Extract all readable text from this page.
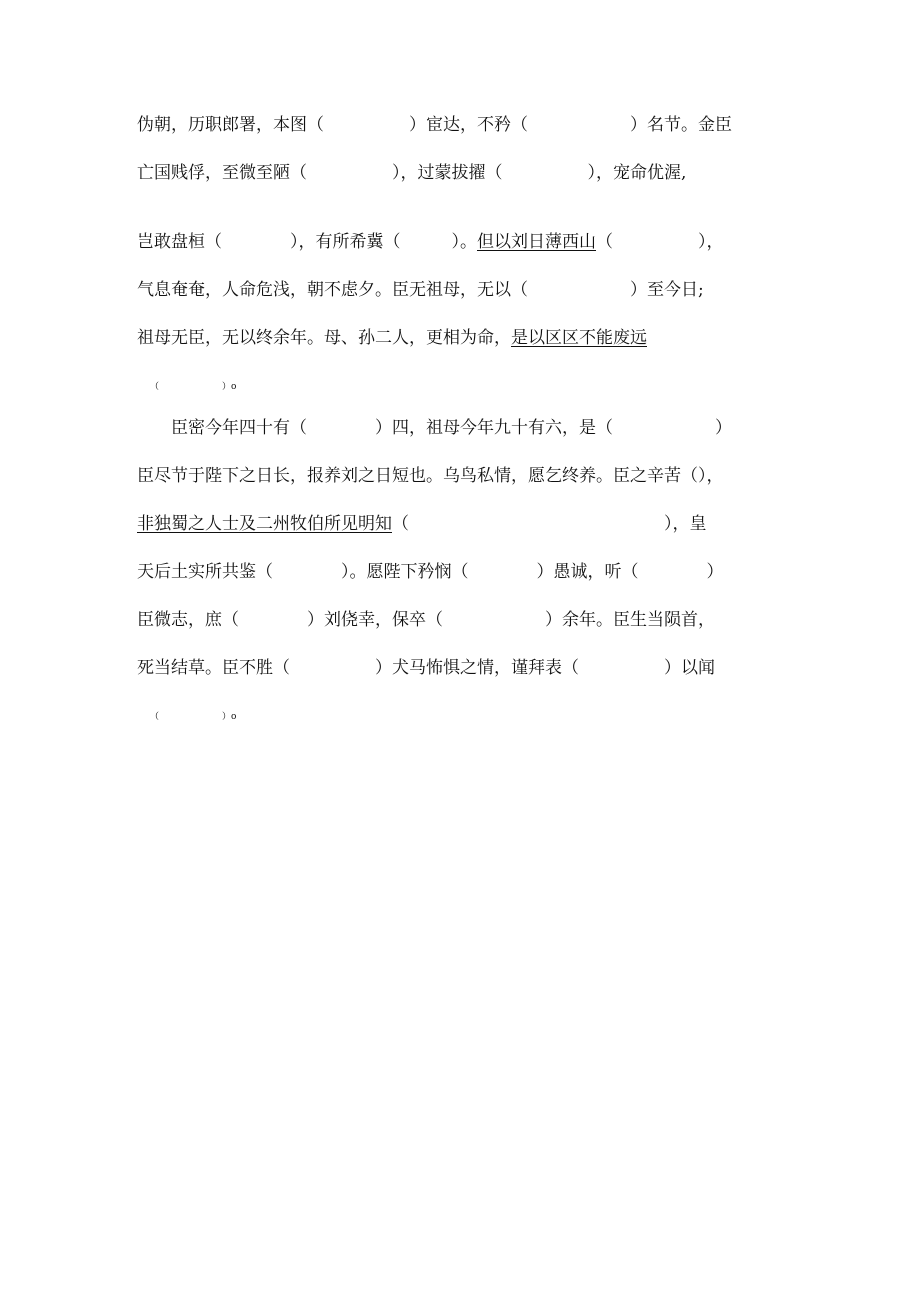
伪朝，历职郎署，本图（　　　　　）宦达，不矜（　　　　　　）名节。金臣
亡国贱俘，至微至陋（　　　　　），过蒙拔擢（　　　　　），宠命优渥,
岂敢盘桓（　　　　），有所希冀（　　　）。但以刘日薄西山（　　　　　），
气息奄奄，人命危浅，朝不虑夕。臣无祖母，无以（　　　　　　）至今日;
祖母无臣，无以终余年。母、孙二人，更相为命，是以区区不能废远
（　　　　　　　）o
　　臣密今年四十有（　　　　）四，祖母今年九十有六，是（　　　　　　）
臣尽节于陛下之日长，报养刘之日短也。乌鸟私情，愿乞终养。臣之辛苦（），
非独蜀之人士及二州牧伯所见明知（　　　　　　　　　　　　　　　），皇
天后土实所共鉴（　　　　）。愿陛下矜悯（　　　　）愚诚，听（　　　　）
臣微志，庶（　　　　）刘侥幸，保卒（　　　　　　）余年。臣生当陨首，
死当结草。臣不胜（　　　　　）犬马怖惧之情，谨拜表（　　　　　）以闻
（　　　　　　　）o
